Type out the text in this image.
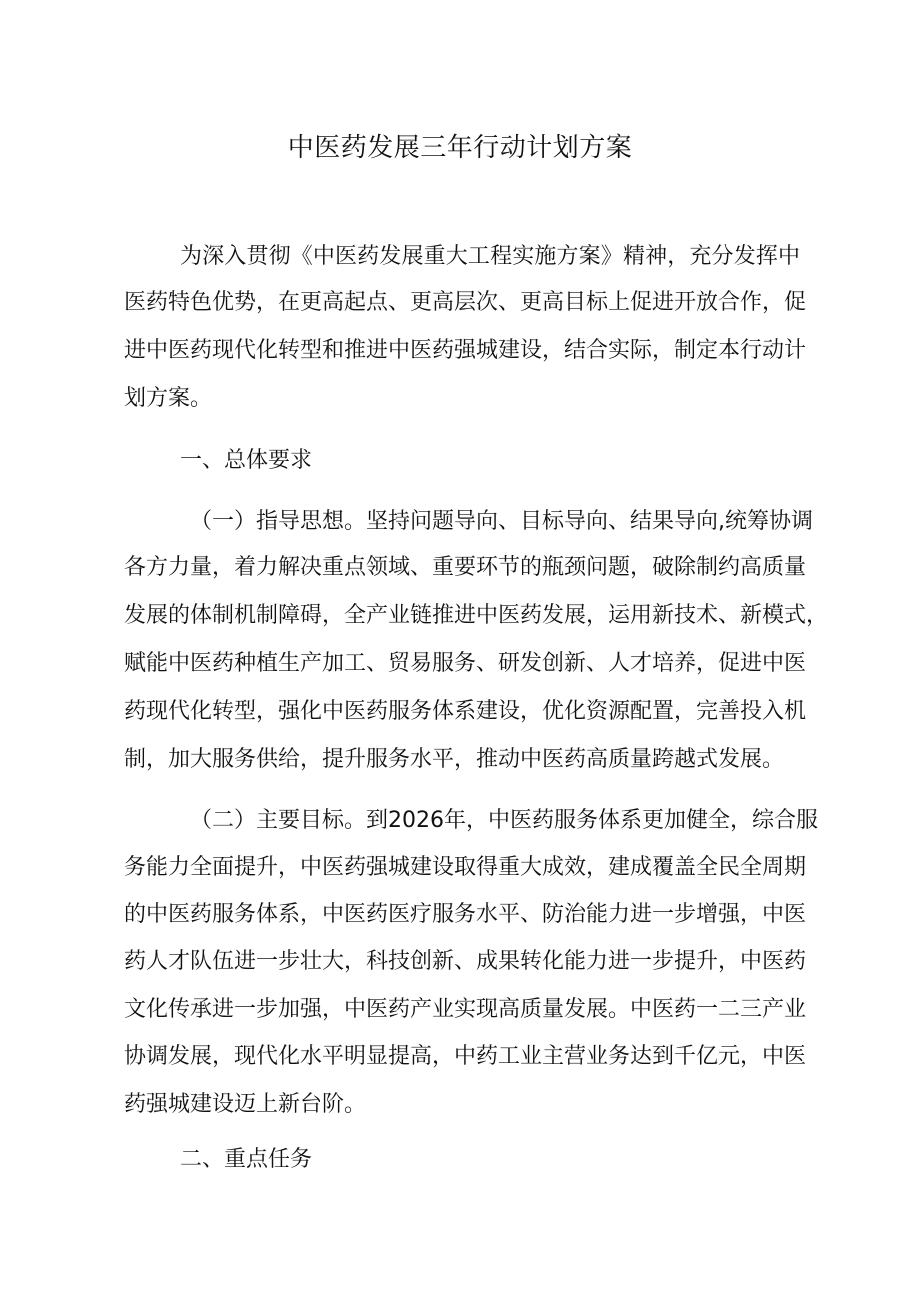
中医药发展三年行动计划方案

为深入贯彻《中医药发展重大工程实施方案》精神，充分发挥中

医药特色优势，在更高起点、更高层次、更高目标上促进开放合作，促

进中医药现代化转型和推进中医药强城建设，结合实际，制定本行动计

划方案。

一、总体要求

（一）指导思想。坚持问题导向、目标导向、结果导向,统筹协调

各方力量，着力解决重点领域、重要环节的瓶颈问题，破除制约高质量

发展的体制机制障碍，全产业链推进中医药发展，运用新技术、新模式，

赋能中医药种植生产加工、贸易服务、研发创新、人才培养，促进中医

药现代化转型，强化中医药服务体系建设，优化资源配置，完善投入机

制，加大服务供给，提升服务水平，推动中医药高质量跨越式发展。

（二）主要目标。到2026年，中医药服务体系更加健全，综合服

务能力全面提升，中医药强城建设取得重大成效，建成覆盖全民全周期

的中医药服务体系，中医药医疗服务水平、防治能力进一步增强，中医

药人才队伍进一步壮大，科技创新、成果转化能力进一步提升，中医药

文化传承进一步加强，中医药产业实现高质量发展。中医药一二三产业

协调发展，现代化水平明显提高，中药工业主营业务达到千亿元，中医

药强城建设迈上新台阶。

二、重点任务
